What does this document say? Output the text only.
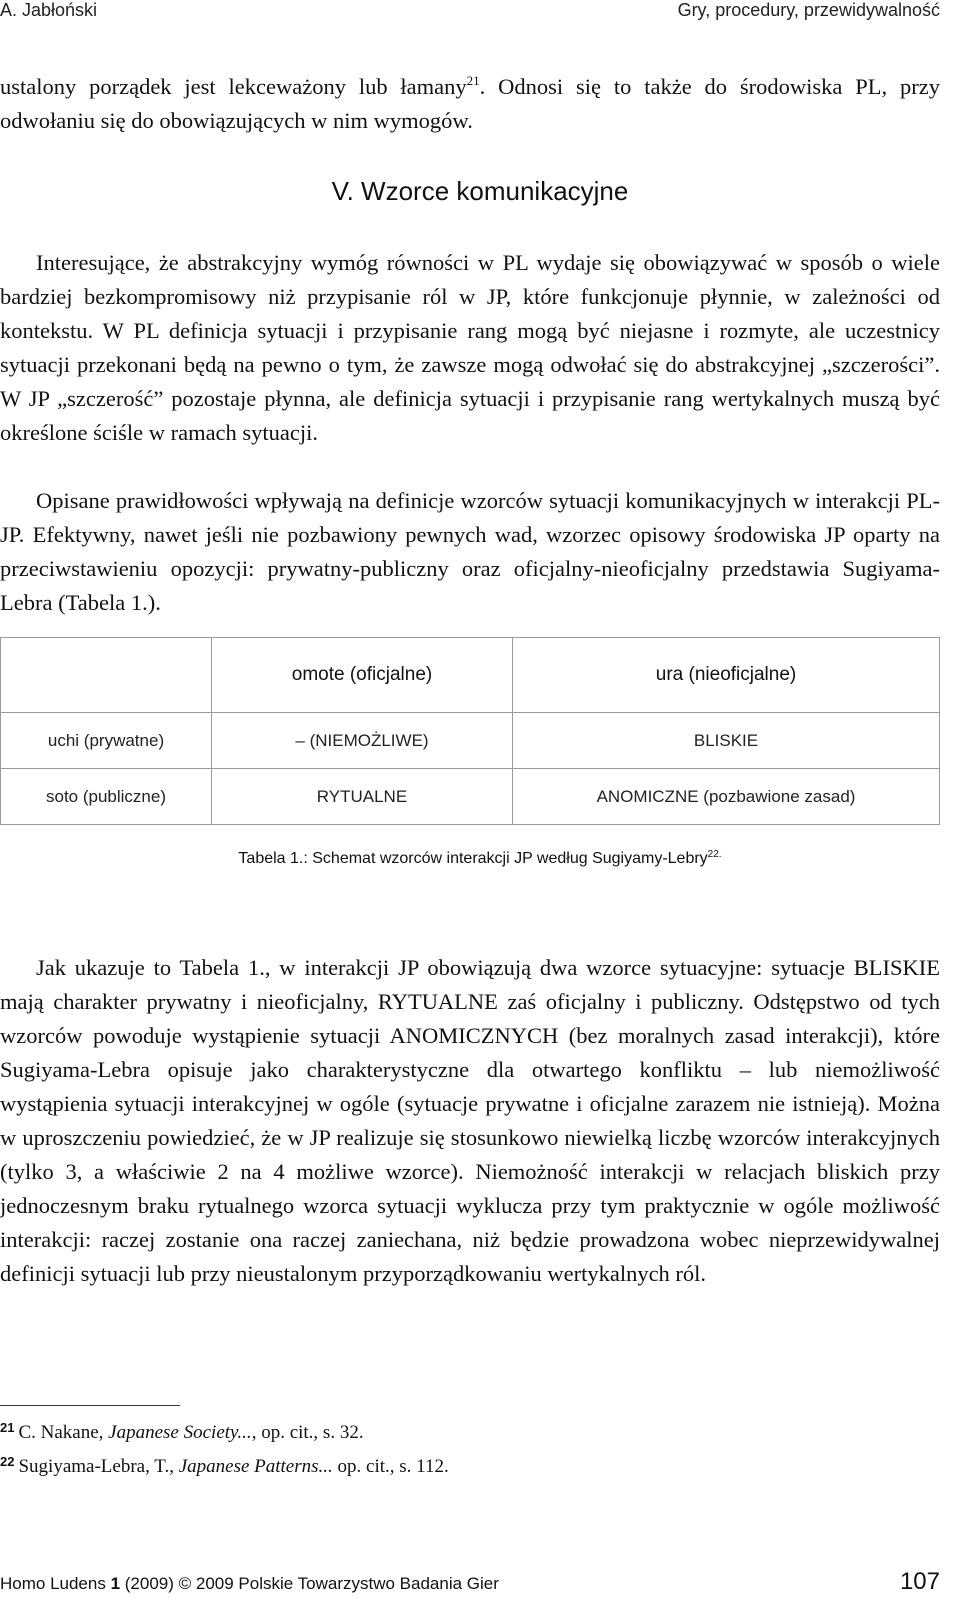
A. Jabłoński	Gry, procedury, przewidywalność

ustalony porządek jest lekceważony lub łamany$^{21}$. Odnosi się to także do środowiska PL, przy odwołaniu się do obowiązujących w nim wymogów.

V. Wzorce komunikacyjne

Interesujące, że abstrakcyjny wymóg równości w PL wydaje się obowiązywać w sposób o wiele bardziej bezkompromisowy niż przypisanie ról w JP, które funkcjonuje płynnie, w zależności od kontekstu. W PL definicja sytuacji i przypisanie rang mogą być niejasne i rozmyte, ale uczestnicy sytuacji przekonani będą na pewno o tym, że zawsze mogą odwołać się do abstrakcyjnej „szczerości”. W JP „szczerość” pozostaje płynna, ale definicja sytuacji i przypisanie rang wertykalnych muszą być określone ściśle w ramach sytuacji.

Opisane prawidłowości wpływają na definicje wzorców sytuacji komunikacyjnych w interakcji PL-JP. Efektywny, nawet jeśli nie pozbawiony pewnych wad, wzorzec opisowy środowiska JP oparty na przeciwstawieniu opozycji: prywatny-publiczny oraz oficjalny-nieoficjalny przedstawia Sugiyama-Lebra (Tabela 1.).

	omote (oficjalne)	ura (nieoficjalne)
uchi (prywatne)	– (NIEMOŻLIWE)	BLISKIE
soto (publiczne)	RYTUALNE	ANOMICZNE (pozbawione zasad)
Tabela 1.: Schemat wzorców interakcji JP według Sugiyamy-Lebry$^{22.}$

Jak ukazuje to Tabela 1., w interakcji JP obowiązują dwa wzorce sytuacyjne: sytuacje BLISKIE mają charakter prywatny i nieoficjalny, RYTUALNE zaś oficjalny i publiczny. Odstępstwo od tych wzorców powoduje wystąpienie sytuacji ANOMICZNYCH (bez moralnych zasad interakcji), które Sugiyama-Lebra opisuje jako charakterystyczne dla otwartego konfliktu – lub niemożliwość wystąpienia sytuacji interakcyjnej w ogóle (sytuacje prywatne i oficjalne zarazem nie istnieją). Można w uproszczeniu powiedzieć, że w JP realizuje się stosunkowo niewielką liczbę wzorców interakcyjnych (tylko 3, a właściwie 2 na 4 możliwe wzorce). Niemożność interakcji w relacjach bliskich przy jednoczesnym braku rytualnego wzorca sytuacji wyklucza przy tym praktycznie w ogóle możliwość interakcji: raczej zostanie ona raczej zaniechana, niż będzie prowadzona wobec nieprzewidywalnej definicji sytuacji lub przy nieustalonym przyporządkowaniu wertykalnych ról.

$^{21}$ C. Nakane, Japanese Society..., op. cit., s. 32.
$^{22}$ Sugiyama-Lebra, T., Japanese Patterns... op. cit., s. 112.
Homo Ludens 1 (2009) © 2009 Polskie Towarzystwo Badania Gier	107
